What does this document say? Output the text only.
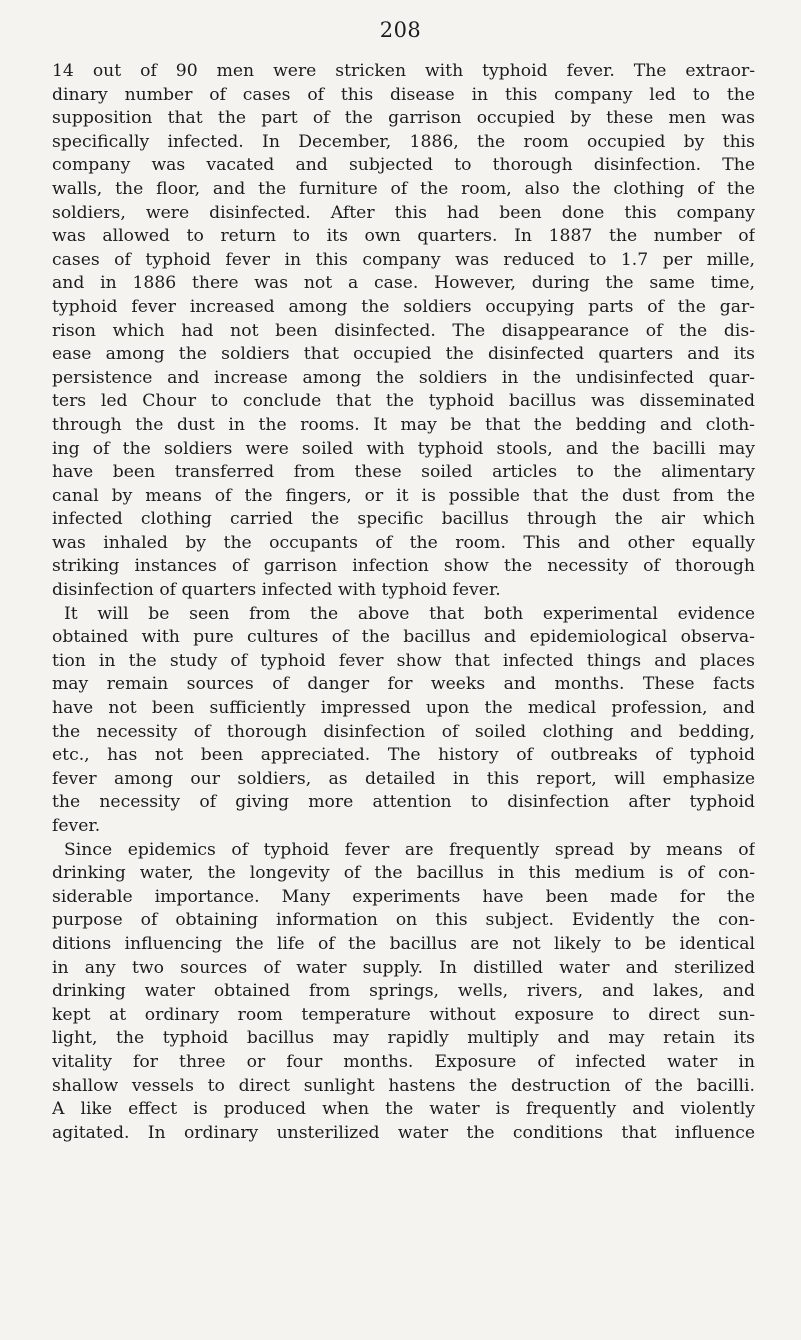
208
14 out of 90 men were stricken with typhoid fever. The extraor-
dinary number of cases of this disease in this company led to the
supposition that the part of the garrison occupied by these men was
specifically infected. In December, 1886, the room occupied by this
company was vacated and subjected to thorough disinfection. The
walls, the floor, and the furniture of the room, also the clothing of the
soldiers, were disinfected. After this had been done this company
was allowed to return to its own quarters. In 1887 the number of
cases of typhoid fever in this company was reduced to 1.7 per mille,
and in 1886 there was not a case. However, during the same time,
typhoid fever increased among the soldiers occupying parts of the gar-
rison which had not been disinfected. The disappearance of the dis-
ease among the soldiers that occupied the disinfected quarters and its
persistence and increase among the soldiers in the undisinfected quar-
ters led Chour to conclude that the typhoid bacillus was disseminated
through the dust in the rooms. It may be that the bedding and cloth-
ing of the soldiers were soiled with typhoid stools, and the bacilli may
have been transferred from these soiled articles to the alimentary
canal by means of the fingers, or it is possible that the dust from the
infected clothing carried the specific bacillus through the air which
was inhaled by the occupants of the room. This and other equally
striking instances of garrison infection show the necessity of thorough
disinfection of quarters infected with typhoid fever.
It will be seen from the above that both experimental evidence
obtained with pure cultures of the bacillus and epidemiological observa-
tion in the study of typhoid fever show that infected things and places
may remain sources of danger for weeks and months. These facts
have not been sufficiently impressed upon the medical profession, and
the necessity of thorough disinfection of soiled clothing and bedding,
etc., has not been appreciated. The history of outbreaks of typhoid
fever among our soldiers, as detailed in this report, will emphasize
the necessity of giving more attention to disinfection after typhoid
fever.
Since epidemics of typhoid fever are frequently spread by means of
drinking water, the longevity of the bacillus in this medium is of con-
siderable importance. Many experiments have been made for the
purpose of obtaining information on this subject. Evidently the con-
ditions influencing the life of the bacillus are not likely to be identical
in any two sources of water supply. In distilled water and sterilized
drinking water obtained from springs, wells, rivers, and lakes, and
kept at ordinary room temperature without exposure to direct sun-
light, the typhoid bacillus may rapidly multiply and may retain its
vitality for three or four months. Exposure of infected water in
shallow vessels to direct sunlight hastens the destruction of the bacilli.
A like effect is produced when the water is frequently and violently
agitated. In ordinary unsterilized water the conditions that influence
